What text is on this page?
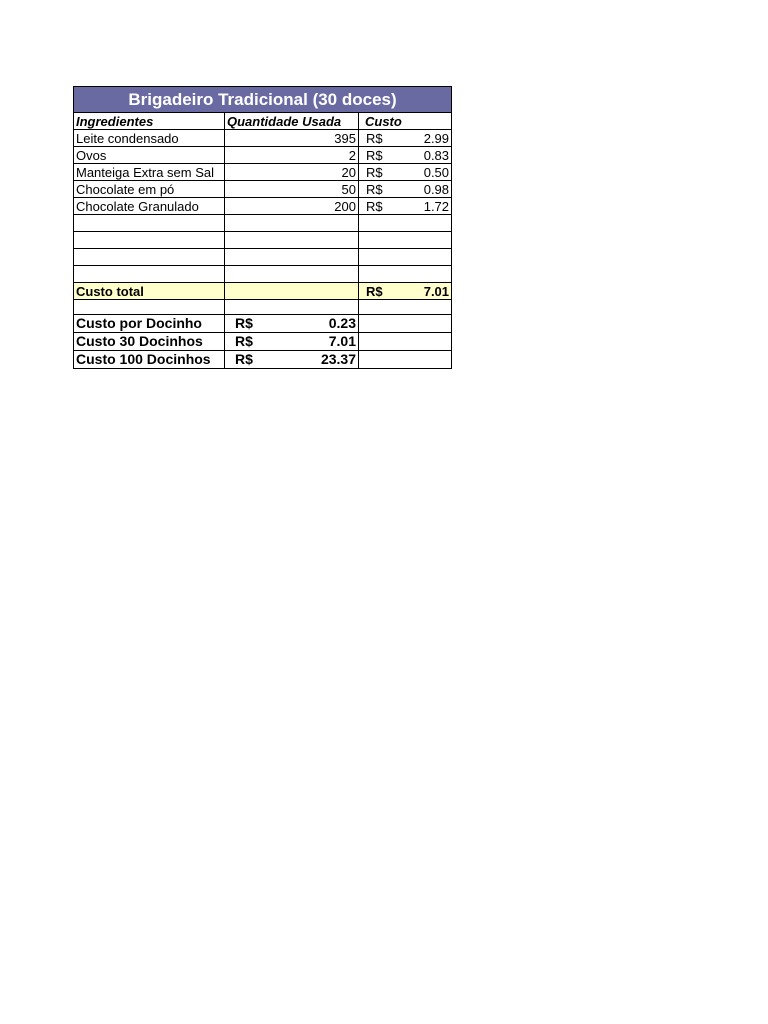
Brigadeiro Tradicional (30 doces)		
Ingredientes	Quantidade Usada	Custo
Leite condensado	395	R$ 2.99

Ovos	2	R$ 0.83

Manteiga Extra sem Sal	20	R$ 0.50

Chocolate em pó	50	R$ 0.98

Chocolate Granulado	200	R$ 1.72

Custo total		R$ 7.01

Custo por Docinho	R$ 0.23	

Custo 30 Docinhos	R$ 7.01	

Custo 100 Docinhos	R$ 23.37	
